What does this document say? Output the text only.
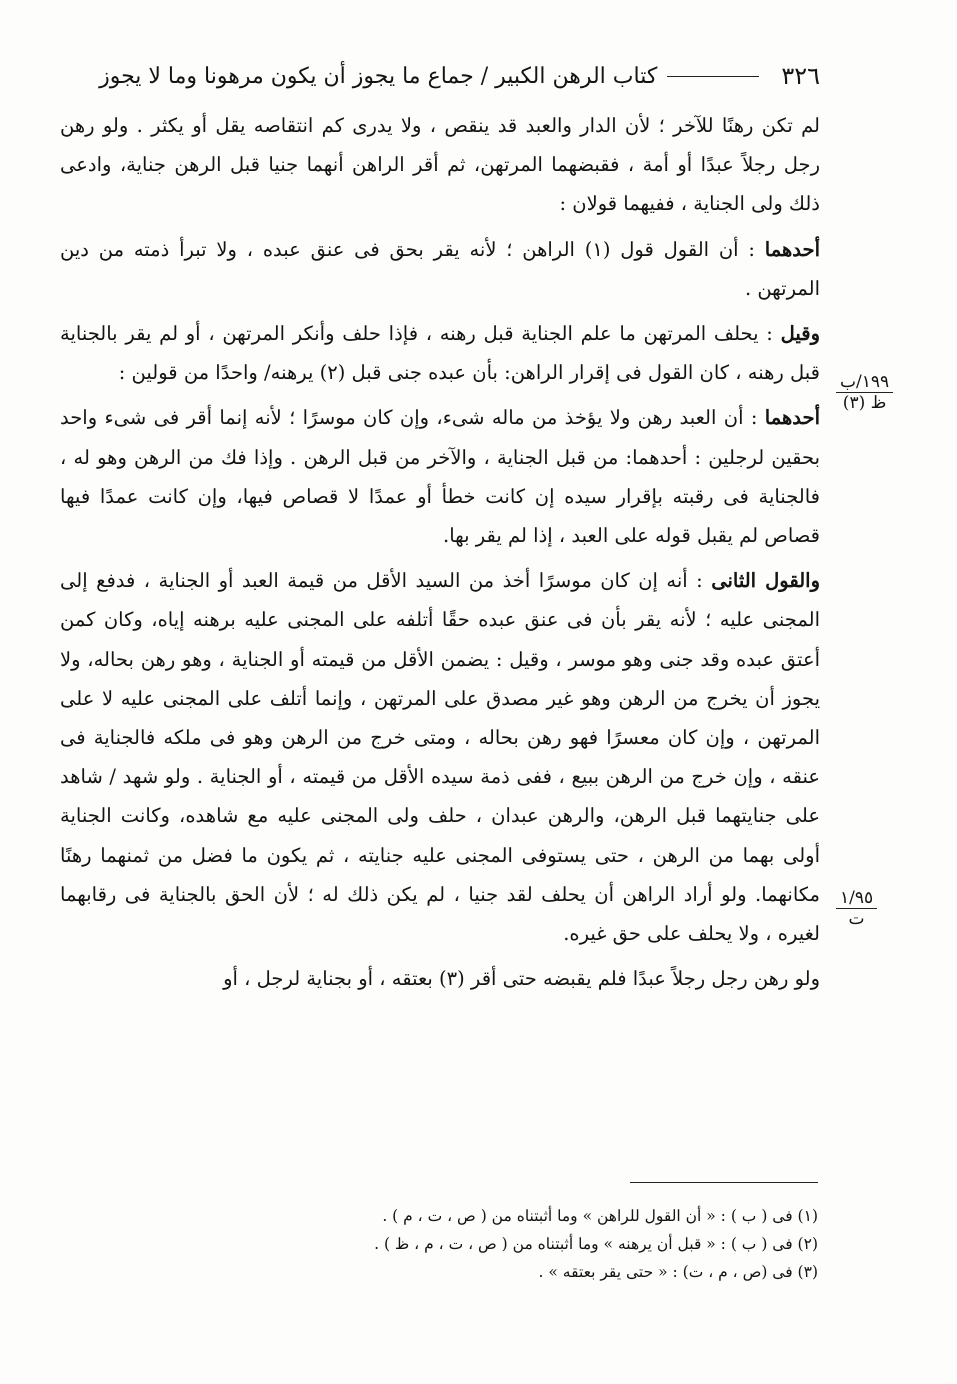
٣٢٦
كتاب الرهن الكبير / جماع ما يجوز أن يكون مرهونا وما لا يجوز

لم تكن رهنًا للآخر ؛ لأن الدار والعبد قد ينقص ، ولا يدرى كم انتقاصه يقل أو يكثر . ولو رهن رجل رجلاً عبدًا أو أمة ، فقبضهما المرتهن، ثم أقر الراهن أنهما جنيا قبل الرهن جناية، وادعى ذلك ولى الجناية ، ففيهما قولان :

أحدهما : أن القول قول (١) الراهن ؛ لأنه يقر بحق فى عنق عبده ، ولا تبرأ ذمته من دين المرتهن .

وقيل : يحلف المرتهن ما علم الجناية قبل رهنه ، فإذا حلف وأنكر المرتهن ، أو لم يقر بالجناية قبل رهنه ، كان القول فى إقرار الراهن: بأن عبده جنى قبل (٢) يرهنه/ واحدًا من قولين :

أحدهما : أن العبد رهن ولا يؤخذ من ماله شىء، وإن كان موسرًا ؛ لأنه إنما أقر فى شىء واحد بحقين لرجلين : أحدهما: من قبل الجناية ، والآخر من قبل الرهن . وإذا فك من الرهن وهو له ، فالجناية فى رقبته بإقرار سيده إن كانت خطأ أو عمدًا لا قصاص فيها، وإن كانت عمدًا فيها قصاص لم يقبل قوله على العبد ، إذا لم يقر بها.

والقول الثانى : أنه إن كان موسرًا أخذ من السيد الأقل من قيمة العبد أو الجناية ، فدفع إلى المجنى عليه ؛ لأنه يقر بأن فى عنق عبده حقًا أتلفه على المجنى عليه برهنه إياه، وكان كمن أعتق عبده وقد جنى وهو موسر ، وقيل : يضمن الأقل من قيمته أو الجناية ، وهو رهن بحاله، ولا يجوز أن يخرج من الرهن وهو غير مصدق على المرتهن ، وإنما أتلف على المجنى عليه لا على المرتهن ، وإن كان معسرًا فهو رهن بحاله ، ومتى خرج من الرهن وهو فى ملكه فالجناية فى عنقه ، وإن خرج من الرهن ببيع ، ففى ذمة سيده الأقل من قيمته ، أو الجناية . ولو شهد / شاهد على جنايتهما قبل الرهن، والرهن عبدان ، حلف ولى المجنى عليه مع شاهده، وكانت الجناية أولى بهما من الرهن ، حتى يستوفى المجنى عليه جنايته ، ثم يكون ما فضل من ثمنهما رهنًا مكانهما. ولو أراد الراهن أن يحلف لقد جنيا ، لم يكن ذلك له ؛ لأن الحق بالجناية فى رقابهما لغيره ، ولا يحلف على حق غيره.

ولو رهن رجل رجلاً عبدًا فلم يقبضه حتى أقر (٣) بعتقه ، أو بجناية لرجل ، أو

١٩٩/ب
ظ (٣)
١/٩٥
ت
(١) فى ( ب ) : « أن القول للراهن » وما أثبتناه من ( ص ، ت ، م ) .
(٢) فى ( ب ) : « قبل أن يرهنه » وما أثبتناه من ( ص ، ت ، م ، ظ ) .
(٣) فى (ص ، م ، ت) : « حتى يقر بعتقه » .
